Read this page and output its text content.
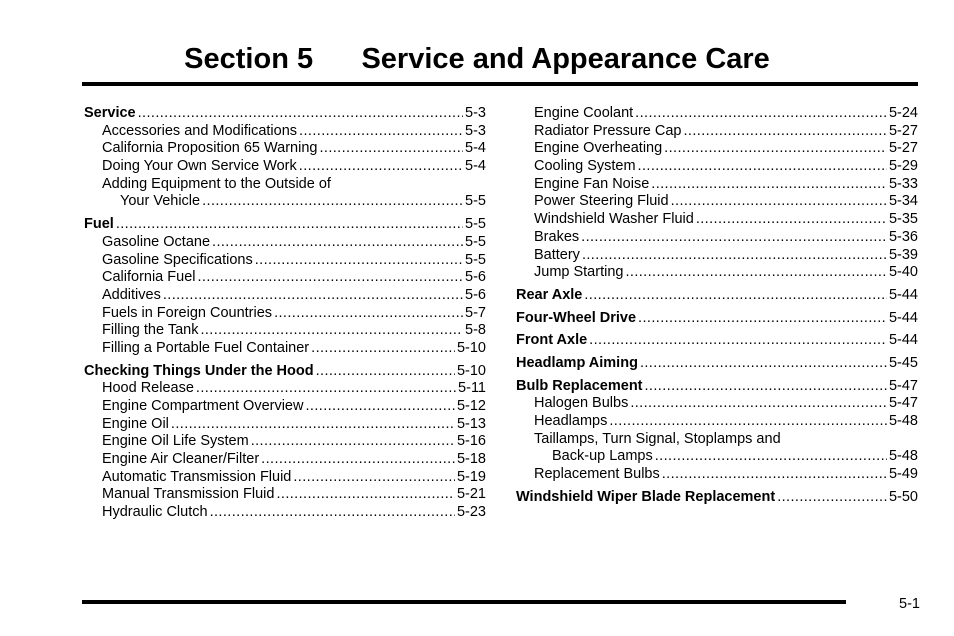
Section 5 Service and Appearance Care
Service .....	5-3
Accessories and Modifications .....	5-3
California Proposition 65 Warning .....	5-4
Doing Your Own Service Work .....	5-4
Adding Equipment to the Outside of
Your Vehicle .....	5-5
Fuel .....	5-5
Gasoline Octane .....	5-5
Gasoline Specifications .....	5-5
California Fuel .....	5-6
Additives .....	5-6
Fuels in Foreign Countries .....	5-7
Filling the Tank .....	5-8
Filling a Portable Fuel Container .....	5-10
Checking Things Under the Hood .....	5-10
Hood Release .....	5-11
Engine Compartment Overview .....	5-12
Engine Oil .....	5-13
Engine Oil Life System .....	5-16
Engine Air Cleaner/Filter .....	5-18
Automatic Transmission Fluid .....	5-19
Manual Transmission Fluid .....	5-21
Hydraulic Clutch .....	5-23
Engine Coolant .....	5-24
Radiator Pressure Cap .....	5-27
Engine Overheating .....	5-27
Cooling System .....	5-29
Engine Fan Noise .....	5-33
Power Steering Fluid .....	5-34
Windshield Washer Fluid .....	5-35
Brakes .....	5-36
Battery .....	5-39
Jump Starting .....	5-40
Rear Axle .....	5-44
Four-Wheel Drive .....	5-44
Front Axle .....	5-44
Headlamp Aiming .....	5-45
Bulb Replacement .....	5-47
Halogen Bulbs .....	5-47
Headlamps .....	5-48
Taillamps, Turn Signal, Stoplamps and
Back-up Lamps .....	5-48
Replacement Bulbs .....	5-49
Windshield Wiper Blade Replacement .....	5-50
5-1
